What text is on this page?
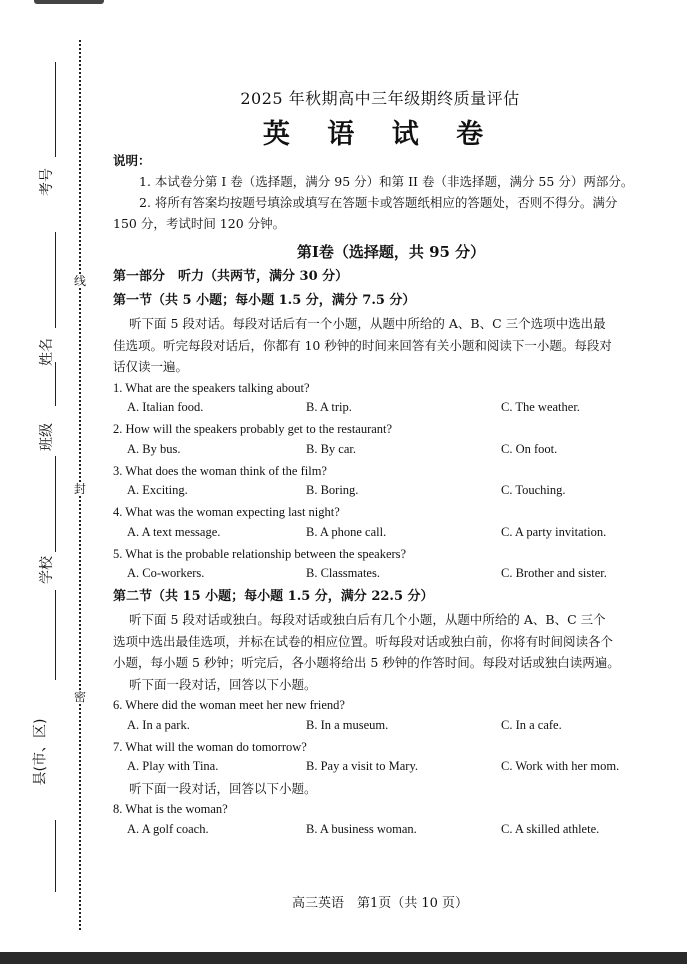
考号
姓名
班级
学校
县(市、区)
线
封
密
2025 年秋期高中三年级期终质量评估
英 语 试 卷
说明：
1. 本试卷分第 I 卷（选择题，满分 95 分）和第 II 卷（非选择题，满分 55 分）两部分。
2. 将所有答案均按题号填涂或填写在答题卡或答题纸相应的答题处，否则不得分。满分
150 分，考试时间 120 分钟。
第Ⅰ卷（选择题，共 95 分）
第一部分　听力（共两节，满分 30 分）
第一节（共 5 小题；每小题 1.5 分，满分 7.5 分）
听下面 5 段对话。每段对话后有一个小题，从题中所给的 A、B、C 三个选项中选出最
佳选项。听完每段对话后，你都有 10 秒钟的时间来回答有关小题和阅读下一小题。每段对
话仅读一遍。
1. What are the speakers talking about?
A. Italian food.	B. A trip.	C. The weather.
2. How will the speakers probably get to the restaurant?
A. By bus.	B. By car.	C. On foot.
3. What does the woman think of the film?
A. Exciting.	B. Boring.	C. Touching.
4. What was the woman expecting last night?
A. A text message.	B. A phone call.	C. A party invitation.
5. What is the probable relationship between the speakers?
A. Co-workers.	B. Classmates.	C. Brother and sister.
第二节（共 15 小题；每小题 1.5 分，满分 22.5 分）
听下面 5 段对话或独白。每段对话或独白后有几个小题，从题中所给的 A、B、C 三个
选项中选出最佳选项，并标在试卷的相应位置。听每段对话或独白前，你将有时间阅读各个
小题，每小题 5 秒钟；听完后，各小题将给出 5 秒钟的作答时间。每段对话或独白读两遍。
听下面一段对话，回答以下小题。
6. Where did the woman meet her new friend?
A. In a park.	B. In a museum.	C. In a cafe.
7. What will the woman do tomorrow?
A. Play with Tina.	B. Pay a visit to Mary.	C. Work with her mom.
听下面一段对话，回答以下小题。
8. What is the woman?
A. A golf coach.	B. A business woman.	C. A skilled athlete.
高三英语　第1页（共 10 页）
